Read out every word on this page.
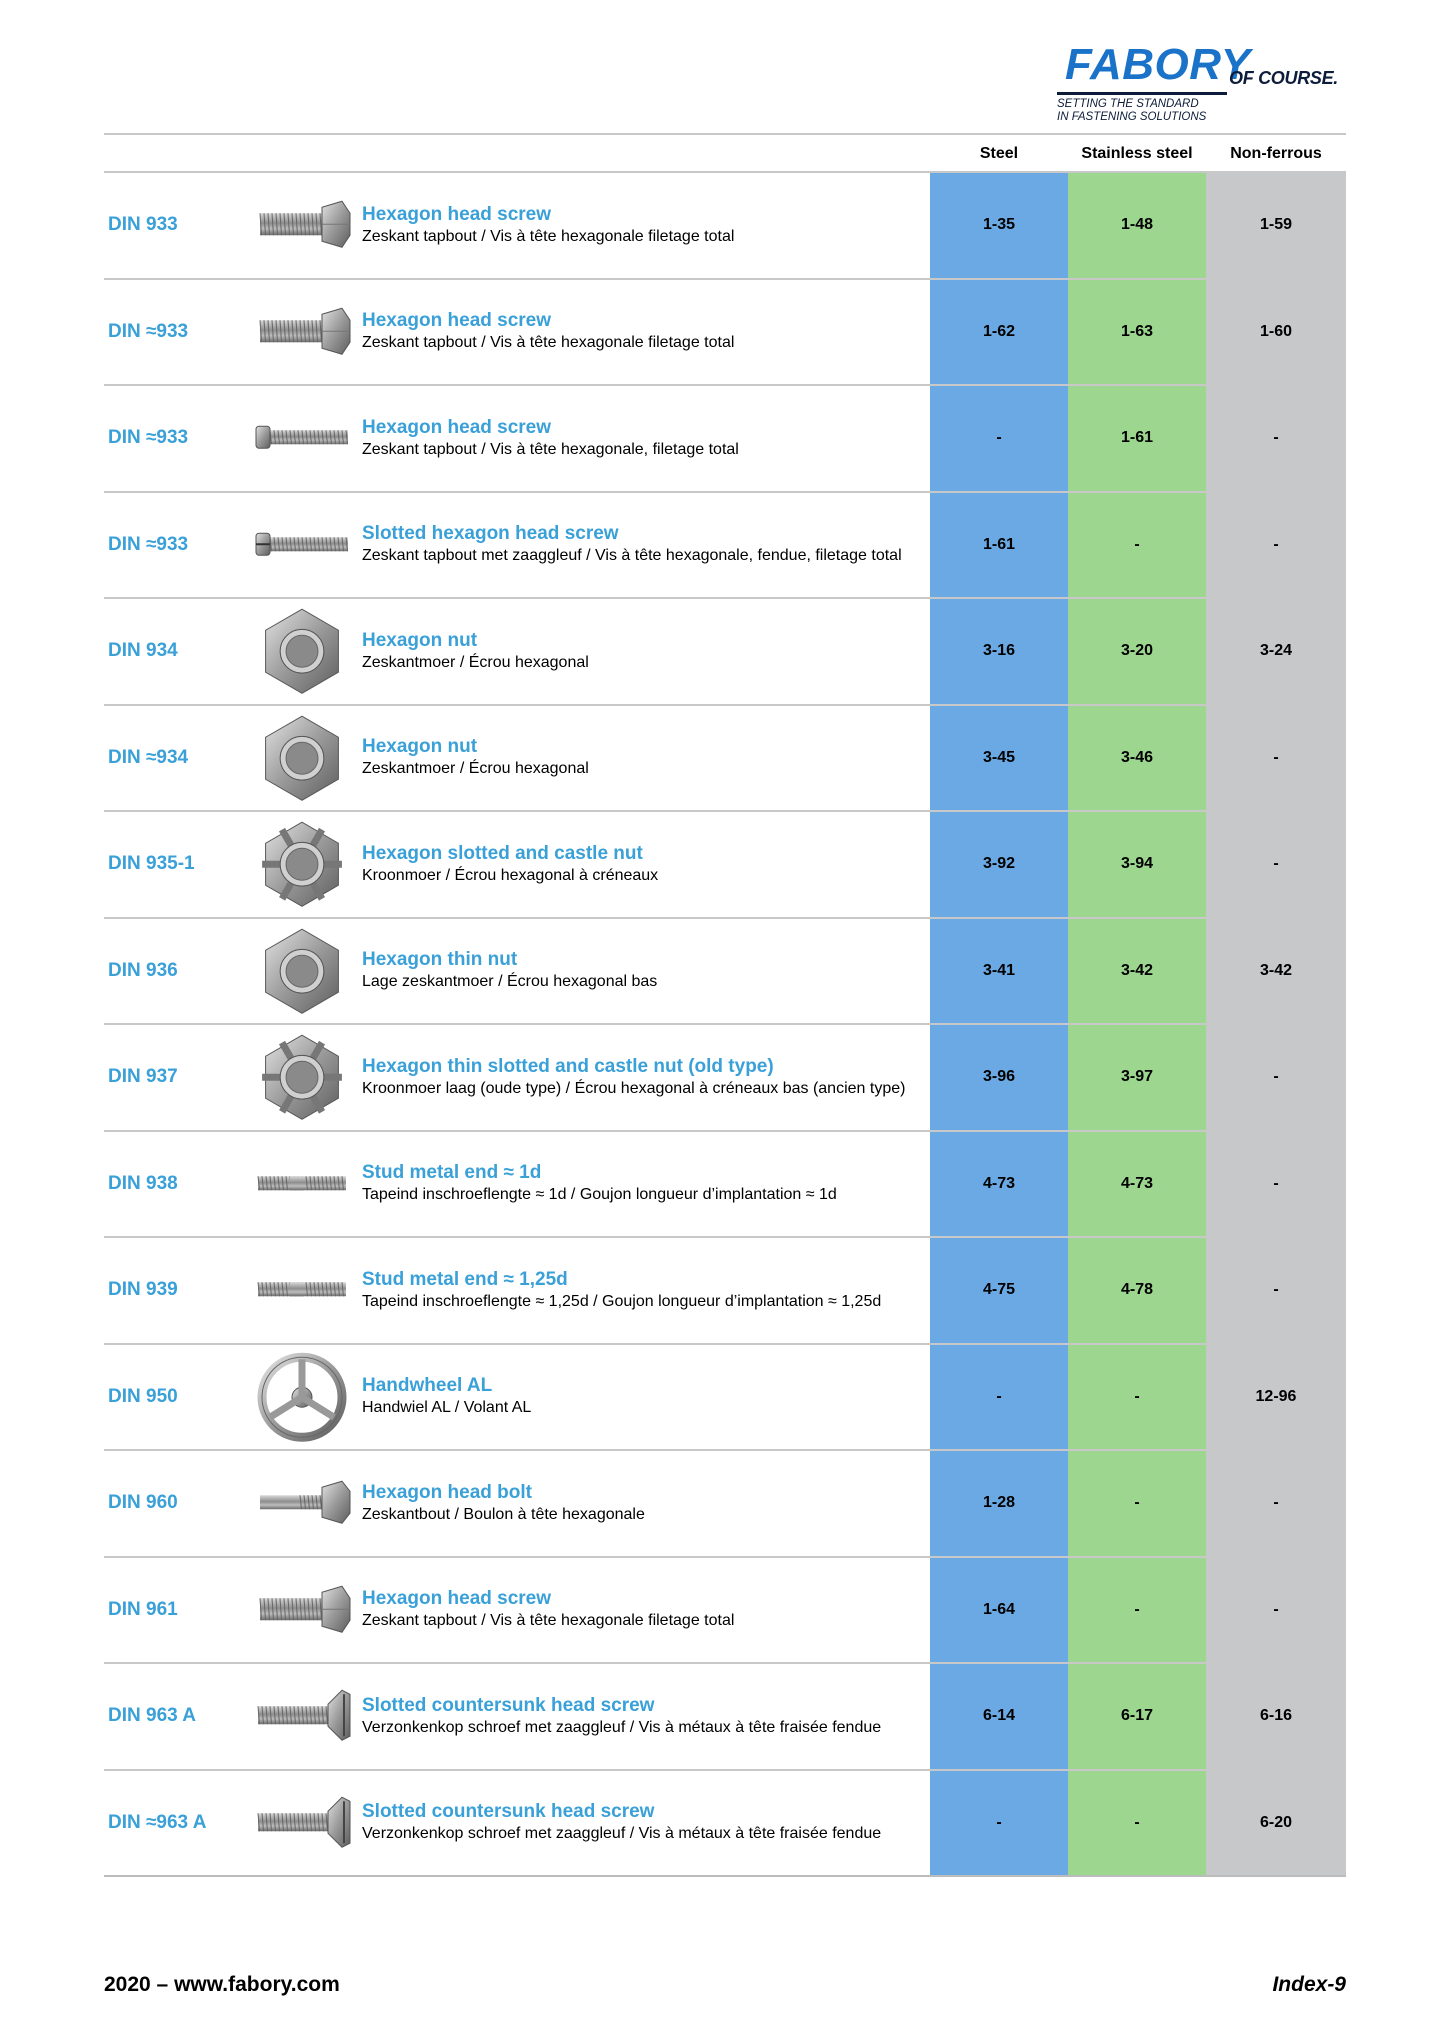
FABORY
OF COURSE.
SETTING THE STANDARD
IN FASTENING SOLUTIONS
Steel	Stainless steel	Non-ferrous
DIN 933	Hexagon head screw
Zeskant tapbout / Vis à tête hexagonale filetage total
1-35	1-48	1-59
DIN ≈933	Hexagon head screw
Zeskant tapbout / Vis à tête hexagonale filetage total
1-62	1-63	1-60
DIN ≈933	Hexagon head screw
Zeskant tapbout / Vis à tête hexagonale, filetage total
-	1-61	-
DIN ≈933	Slotted hexagon head screw
Zeskant tapbout met zaaggleuf / Vis à tête hexagonale, fendue, filetage total
1-61	-	-
DIN 934	Hexagon nut
Zeskantmoer / Écrou hexagonal
3-16	3-20	3-24
DIN ≈934	Hexagon nut
Zeskantmoer / Écrou hexagonal
3-45	3-46	-
DIN 935-1	Hexagon slotted and castle nut
Kroonmoer / Écrou hexagonal à créneaux
3-92	3-94	-
DIN 936	Hexagon thin nut
Lage zeskantmoer / Écrou hexagonal bas
3-41	3-42	3-42
DIN 937	Hexagon thin slotted and castle nut (old type)
Kroonmoer laag (oude type) / Écrou hexagonal à créneaux bas (ancien type)
3-96	3-97	-
DIN 938	Stud metal end ≈ 1d
Tapeind inschroeflengte ≈ 1d / Goujon longueur d’implantation ≈ 1d
4-73	4-73	-
DIN 939	Stud metal end ≈ 1,25d
Tapeind inschroeflengte ≈ 1,25d / Goujon longueur d’implantation ≈ 1,25d
4-75	4-78	-
DIN 950	Handwheel AL
Handwiel AL / Volant AL
-	-	12-96
DIN 960	Hexagon head bolt
Zeskantbout / Boulon à tête hexagonale
1-28	-	-
DIN 961	Hexagon head screw
Zeskant tapbout / Vis à tête hexagonale filetage total
1-64	-	-
DIN 963 A	Slotted countersunk head screw
Verzonkenkop schroef met zaaggleuf / Vis à métaux à tête fraisée fendue
6-14	6-17	6-16
DIN ≈963 A	Slotted countersunk head screw
Verzonkenkop schroef met zaaggleuf / Vis à métaux à tête fraisée fendue
-	-	6-20
2020 – www.fabory.com	Index-9
